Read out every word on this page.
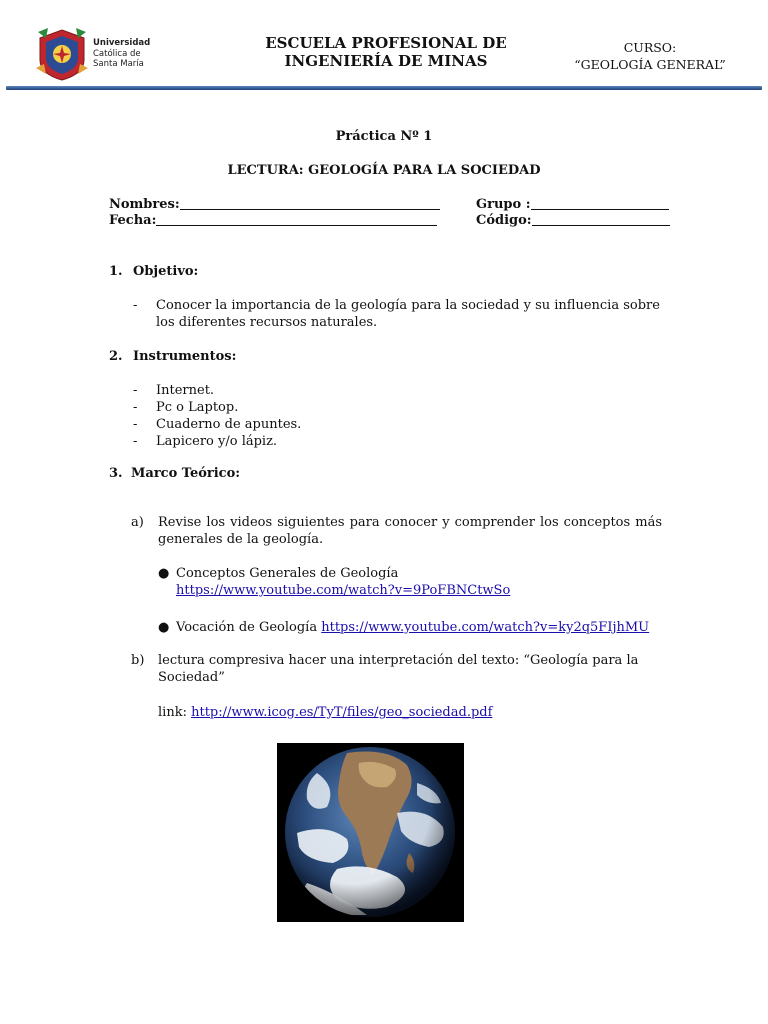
Universidad
Católica de
Santa María
ESCUELA PROFESIONAL DE
INGENIERÍA DE MINAS
CURSO:
“GEOLOGÍA GENERAL”
Práctica Nº 1
LECTURA: GEOLOGÍA PARA LA SOCIEDAD
Nombres:
Fecha:
Grupo :
Código:
1. Objetivo:
- Conocer la importancia de la geología para la sociedad y su influencia sobre
los diferentes recursos naturales.
2. Instrumentos:
- Internet.
- Pc o Laptop.
- Cuaderno de apuntes.
- Lapicero y/o lápiz.
3. Marco Teórico:
a) Revise los videos siguientes para conocer y comprender los conceptos más
generales de la geología.
● Conceptos Generales de Geología
https://www.youtube.com/watch?v=9PoFBNCtwSo
● Vocación de Geología https://www.youtube.com/watch?v=ky2q5FIjhMU
b) lectura compresiva hacer una interpretación del texto: “Geología para la
Sociedad”
link: http://www.icog.es/TyT/files/geo_sociedad.pdf
